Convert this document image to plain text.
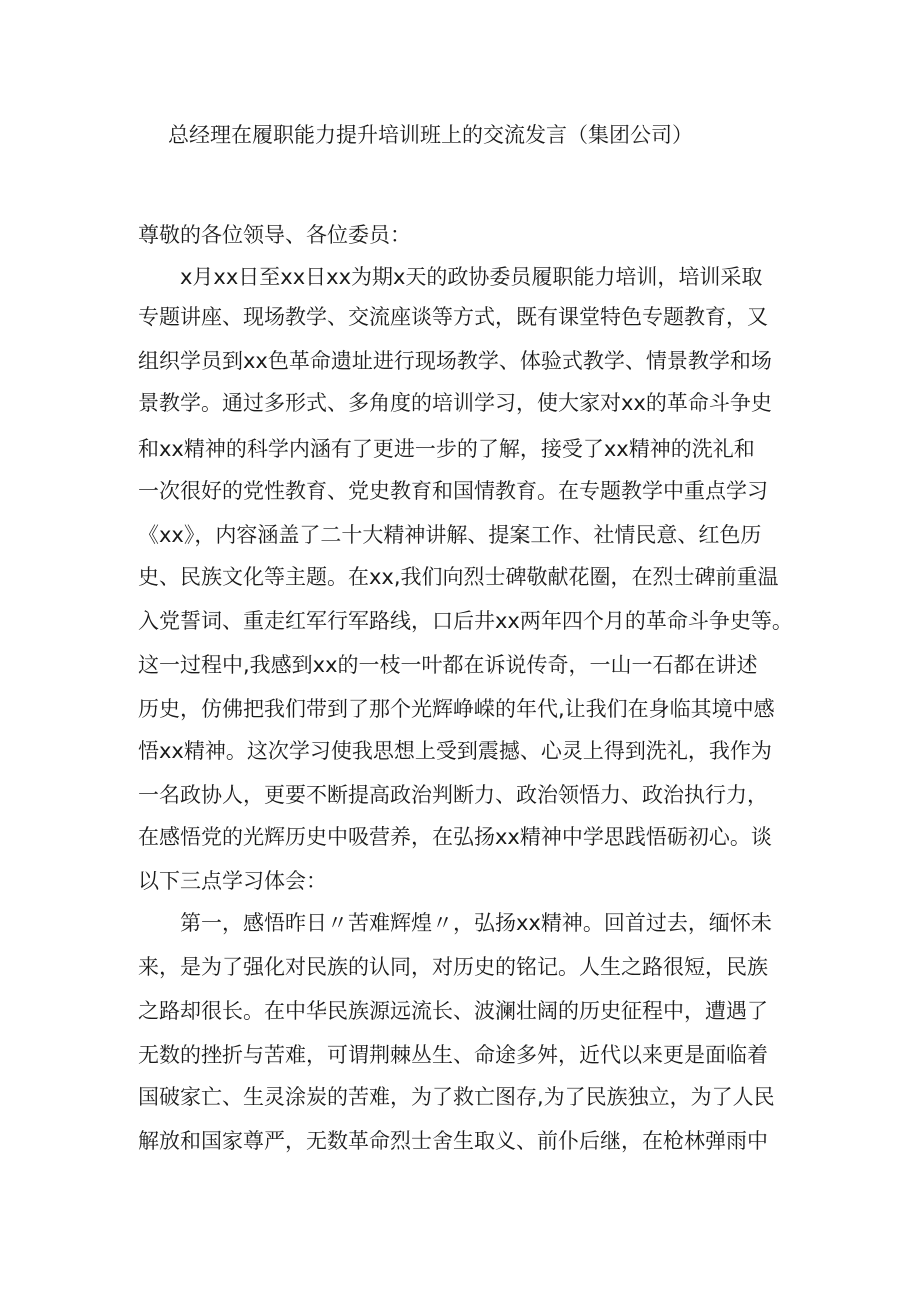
总经理在履职能力提升培训班上的交流发言（集团公司）
尊敬的各位领导、各位委员：
　　x月xx日至xx日xx为期x天的政协委员履职能力培训，培训采取
专题讲座、现场教学、交流座谈等方式，既有课堂特色专题教育，又
组织学员到xx色革命遗址进行现场教学、体验式教学、情景教学和场
景教学。通过多形式、多角度的培训学习，使大家对xx的革命斗争史
和xx精神的科学内涵有了更进一步的了解，接受了xx精神的洗礼和
一次很好的党性教育、党史教育和国情教育。在专题教学中重点学习
《xx》，内容涵盖了二十大精神讲解、提案工作、社情民意、红色历
史、民族文化等主题。在xx,我们向烈士碑敬献花圈，在烈士碑前重温
入党誓词、重走红军行军路线，口后井xx两年四个月的革命斗争史等。
这一过程中,我感到xx的一枝一叶都在诉说传奇，一山一石都在讲述
历史，仿佛把我们带到了那个光辉峥嵘的年代,让我们在身临其境中感
悟xx精神。这次学习使我思想上受到震撼、心灵上得到洗礼，我作为
一名政协人，更要不断提高政治判断力、政治领悟力、政治执行力，
在感悟党的光辉历史中吸营养，在弘扬xx精神中学思践悟砺初心。谈
以下三点学习体会：
　　第一，感悟昨日〃苦难辉煌〃，弘扬xx精神。回首过去，缅怀未
来，是为了强化对民族的认同，对历史的铭记。人生之路很短，民族
之路却很长。在中华民族源远流长、波澜壮阔的历史征程中，遭遇了
无数的挫折与苦难，可谓荆棘丛生、命途多舛，近代以来更是面临着
国破家亡、生灵涂炭的苦难，为了救亡图存,为了民族独立，为了人民
解放和国家尊严，无数革命烈士舍生取义、前仆后继，在枪林弹雨中
